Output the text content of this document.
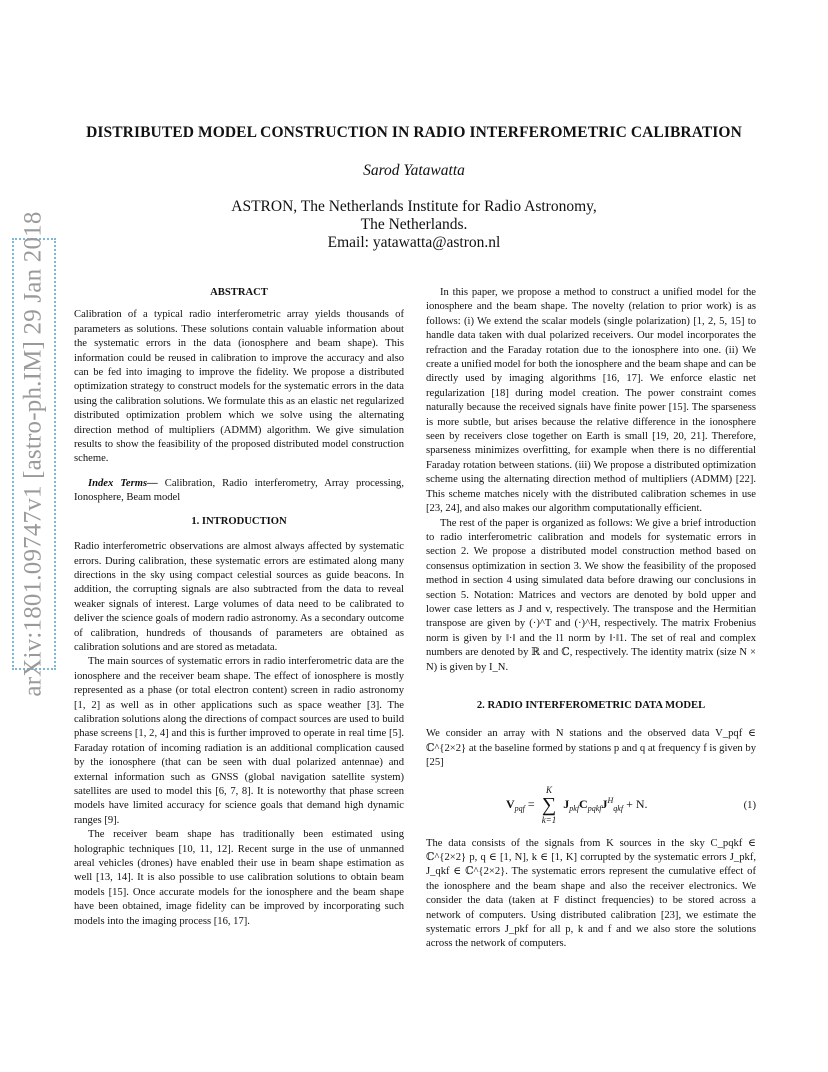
arXiv:1801.09747v1 [astro-ph.IM] 29 Jan 2018
DISTRIBUTED MODEL CONSTRUCTION IN RADIO INTERFEROMETRIC CALIBRATION
Sarod Yatawatta
ASTRON, The Netherlands Institute for Radio Astronomy,
The Netherlands.
Email: yatawatta@astron.nl
ABSTRACT

Calibration of a typical radio interferometric array yields thousands of parameters as solutions. These solutions contain valuable information about the systematic errors in the data (ionosphere and beam shape). This information could be reused in calibration to improve the accuracy and also can be fed into imaging to improve the fidelity. We propose a distributed optimization strategy to construct models for the systematic errors in the data using the calibration solutions. We formulate this as an elastic net regularized distributed optimization problem which we solve using the alternating direction method of multipliers (ADMM) algorithm. We give simulation results to show the feasibility of the proposed distributed model construction scheme.

Index Terms— Calibration, Radio interferometry, Array processing, Ionosphere, Beam model

1. INTRODUCTION

Radio interferometric observations are almost always affected by systematic errors. During calibration, these systematic errors are estimated along many directions in the sky using compact celestial sources as guide beacons. In addition, the corrupting signals are also subtracted from the data to reveal weaker signals of interest. Large volumes of data need to be calibrated to deliver the science goals of modern radio astronomy. As a secondary outcome of calibration, hundreds of thousands of parameters are obtained as calibration solutions and are stored as metadata.

The main sources of systematic errors in radio interferometric data are the ionosphere and the receiver beam shape. The effect of ionosphere is mostly represented as a phase (or total electron content) screen in radio astronomy [1, 2] as well as in other applications such as space weather [3]. The calibration solutions along the directions of compact sources are used to build phase screens [1, 2, 4] and this is further improved to operate in real time [5]. Faraday rotation of incoming radiation is an additional complication caused by the ionosphere (that can be seen with dual polarized antennae) and external information such as GNSS (global navigation satellite system) satellites are used to model this [6, 7, 8]. It is noteworthy that phase screen models have limited accuracy for science goals that demand high dynamic ranges [9].

The receiver beam shape has traditionally been estimated using holographic techniques [10, 11, 12]. Recent surge in the use of unmanned areal vehicles (drones) have enabled their use in beam shape estimation as well [13, 14]. It is also possible to use calibration solutions to obtain beam models [15]. Once accurate models for the ionosphere and the beam shape have been obtained, image fidelity can be improved by incorporating such models into the imaging process [16, 17].

In this paper, we propose a method to construct a unified model for the ionosphere and the beam shape. The novelty (relation to prior work) is as follows: (i) We extend the scalar models (single polarization) [1, 2, 5, 15] to handle data taken with dual polarized receivers. Our model incorporates the refraction and the Faraday rotation due to the ionosphere into one. (ii) We create a unified model for both the ionosphere and the beam shape and can be directly used by imaging algorithms [16, 17]. We enforce elastic net regularization [18] during model creation. The power constraint comes naturally because the received signals have finite power [15]. The sparseness is more subtle, but arises because the relative difference in the ionosphere seen by receivers close together on Earth is small [19, 20, 21]. Therefore, sparseness minimizes overfitting, for example when there is no differential Faraday rotation between stations. (iii) We propose a distributed optimization scheme using the alternating direction method of multipliers (ADMM) [22]. This scheme matches nicely with the distributed calibration schemes in use [23, 24], and also makes our algorithm computationally efficient.

The rest of the paper is organized as follows: We give a brief introduction to radio interferometric calibration and models for systematic errors in section 2. We propose a distributed model construction method based on consensus optimization in section 3. We show the feasibility of the proposed method in section 4 using simulated data before drawing our conclusions in section 5. Notation: Matrices and vectors are denoted by bold upper and lower case letters as J and v, respectively. The transpose and the Hermitian transpose are given by (·)^T and (·)^H, respectively. The matrix Frobenius norm is given by ‖·‖ and the l1 norm by ‖·‖1. The set of real and complex numbers are denoted by ℝ and ℂ, respectively. The identity matrix (size N × N) is given by I_N.

2. RADIO INTERFEROMETRIC DATA MODEL

We consider an array with N stations and the observed data V_pqf ∈ ℂ^{2×2} at the baseline formed by stations p and q at frequency f is given by [25]

$V_{pqf} = K$
∑
k=1 $J_{pkf}C_{pqkf}J^H_{qkf} + N$.	(1)

The data consists of the signals from K sources in the sky C_pqkf ∈ ℂ^{2×2} p, q ∈ [1, N], k ∈ [1, K] corrupted by the systematic errors J_pkf, J_qkf ∈ ℂ^{2×2}. The systematic errors represent the cumulative effect of the ionosphere and the beam shape and also the receiver electronics. We consider the data (taken at F distinct frequencies) to be stored across a network of computers. Using distributed calibration [23], we estimate the systematic errors J_pkf for all p, k and f and we also store the solutions across the network of computers.
